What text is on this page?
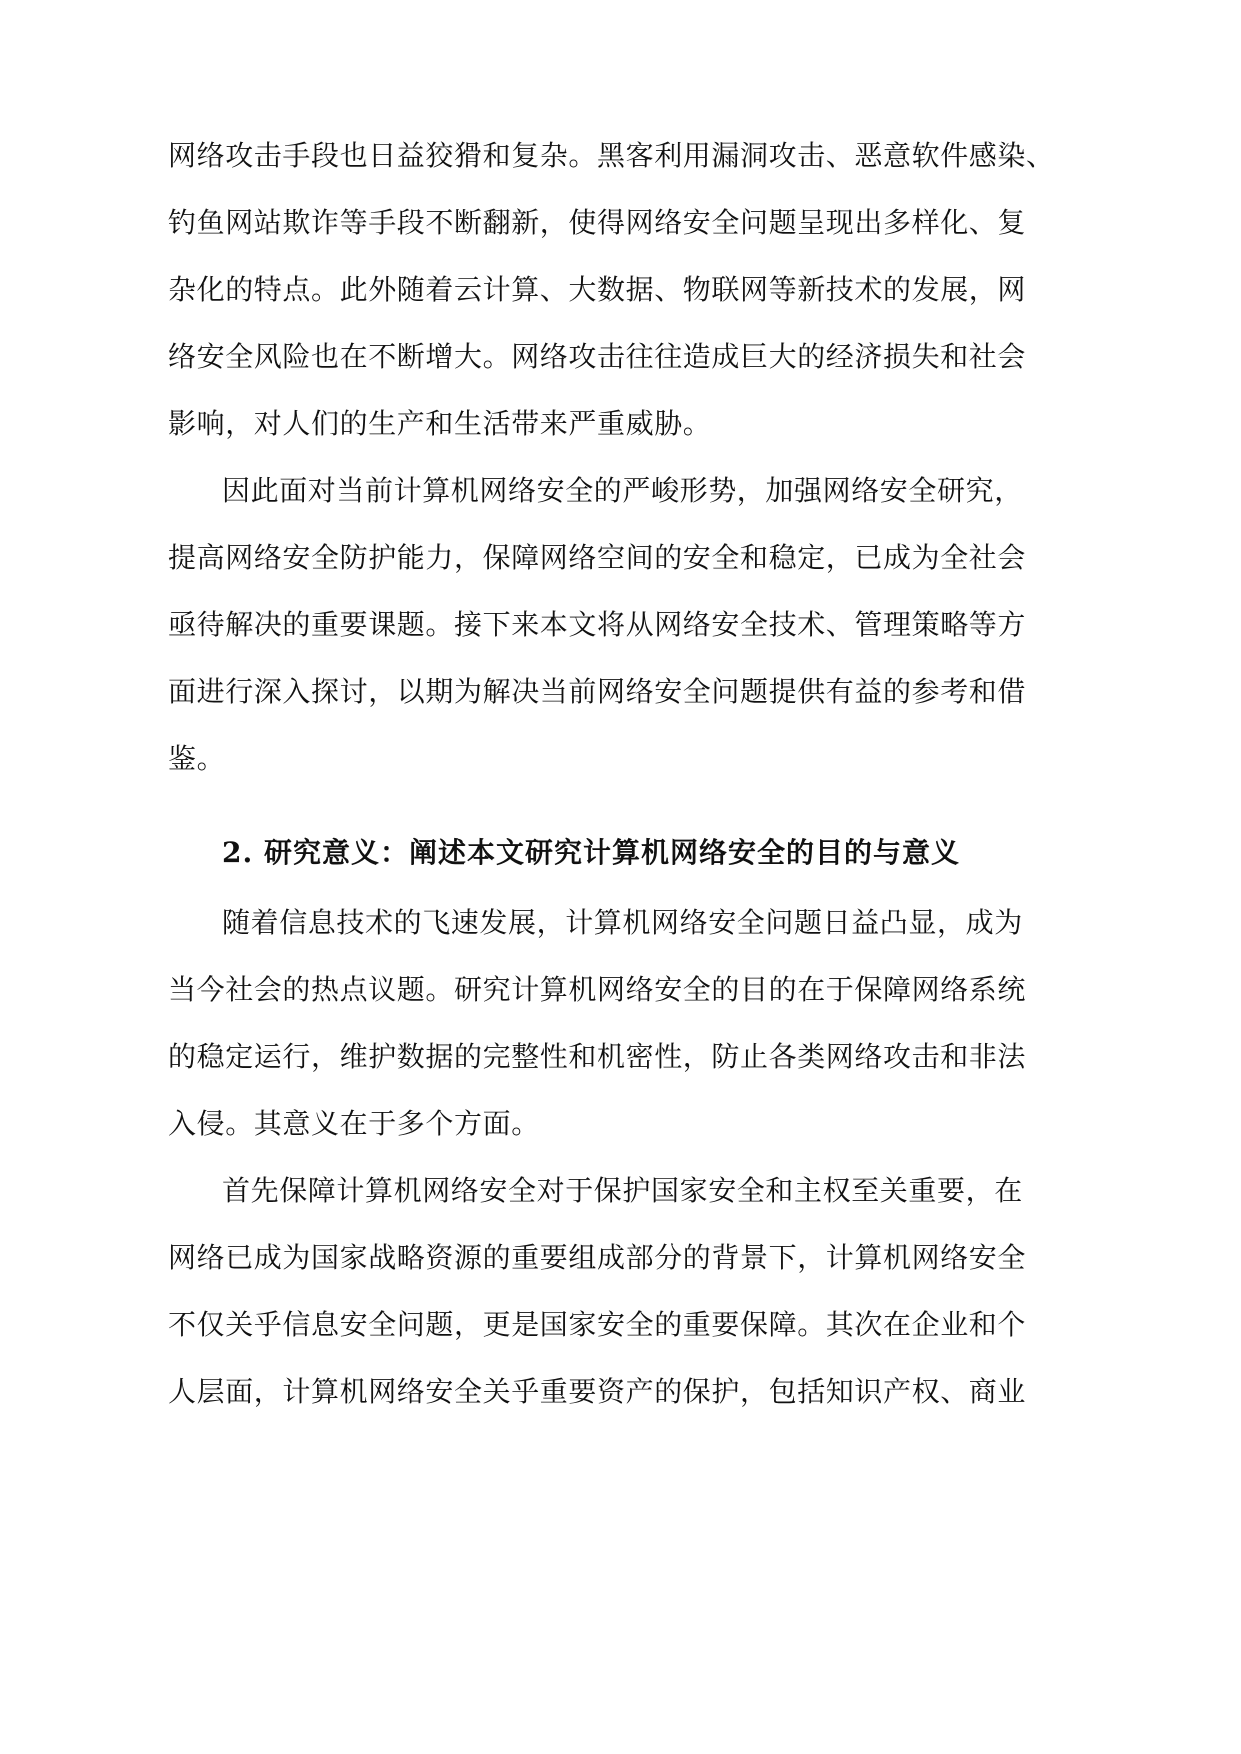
网络攻击手段也日益狡猾和复杂。黑客利用漏洞攻击、恶意软件感染、
钓鱼网站欺诈等手段不断翻新，使得网络安全问题呈现出多样化、复
杂化的特点。此外随着云计算、大数据、物联网等新技术的发展，网
络安全风险也在不断增大。网络攻击往往造成巨大的经济损失和社会
影响，对人们的生产和生活带来严重威胁。
因此面对当前计算机网络安全的严峻形势，加强网络安全研究，
提高网络安全防护能力，保障网络空间的安全和稳定，已成为全社会
亟待解决的重要课题。接下来本文将从网络安全技术、管理策略等方
面进行深入探讨，以期为解决当前网络安全问题提供有益的参考和借
鉴。
2. 研究意义：阐述本文研究计算机网络安全的目的与意义
随着信息技术的飞速发展，计算机网络安全问题日益凸显，成为
当今社会的热点议题。研究计算机网络安全的目的在于保障网络系统
的稳定运行，维护数据的完整性和机密性，防止各类网络攻击和非法
入侵。其意义在于多个方面。
首先保障计算机网络安全对于保护国家安全和主权至关重要，在
网络已成为国家战略资源的重要组成部分的背景下，计算机网络安全
不仅关乎信息安全问题，更是国家安全的重要保障。其次在企业和个
人层面，计算机网络安全关乎重要资产的保护，包括知识产权、商业
